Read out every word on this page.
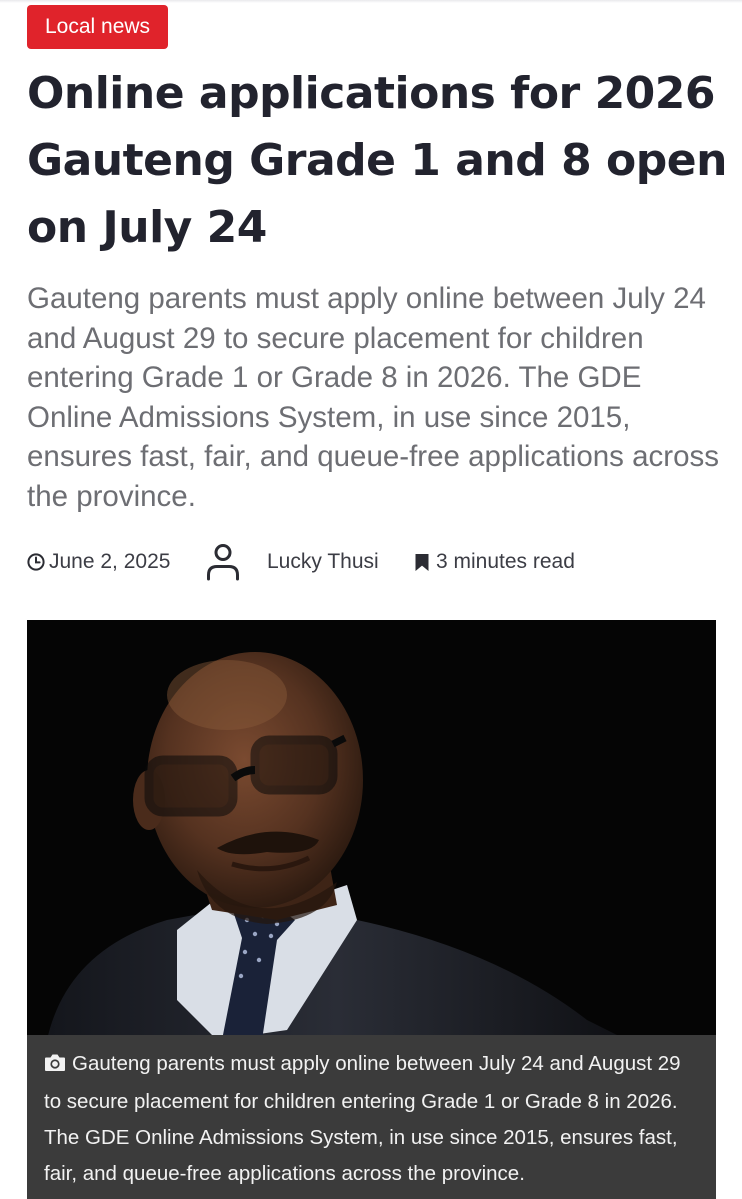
Local news
Online applications for 2026 Gauteng Grade 1 and 8 open on July 24

Gauteng parents must apply online between July 24 and August 29 to secure placement for children entering Grade 1 or Grade 8 in 2026. The GDE Online Admissions System, in use since 2015, ensures fast, fair, and queue-free applications across the province.

June 2, 2025	Lucky Thusi	3 minutes read
Gauteng parents must apply online between July 24 and August 29 to secure placement for children entering Grade 1 or Grade 8 in 2026. The GDE Online Admissions System, in use since 2015, ensures fast, fair, and queue-free applications across the province.
